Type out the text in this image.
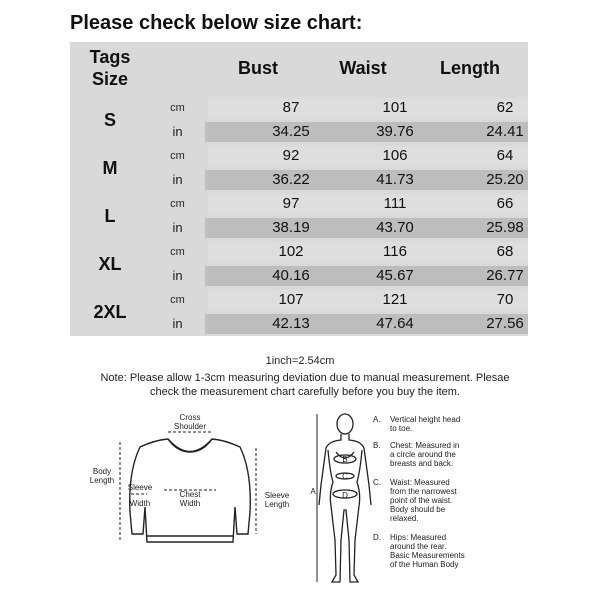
Please check below size chart:
Tags
Size
Bust	Waist	Length
S
cm	87	101	62
in	34.25	39.76	24.41
M
cm	92	106	64
in	36.22	41.73	25.20
L
cm	97	111	66
in	38.19	43.70	25.98
XL
cm	102	116	68
in	40.16	45.67	26.77
2XL
cm	107	121	70
in	42.13	47.64	27.56
1inch=2.54cm
Note: Please allow 1-3cm measuring deviation due to manual measurement. Plesae
check the measurement chart carefully before you buy the item.
Cross
Shoulder
Body
Length
Sleeve
Width
Chest
Width
Sleeve
Length
A
B
C
D
A. Vertical height head
to toe.
B. Chest: Measured in
a circle around the
breasts and back.
C. Waist: Measured
from the narrowest
point of the waist.
Body should be
relaxed.
D. Hips: Measured
around the rear.
Basic Measurements
of the Human Body
